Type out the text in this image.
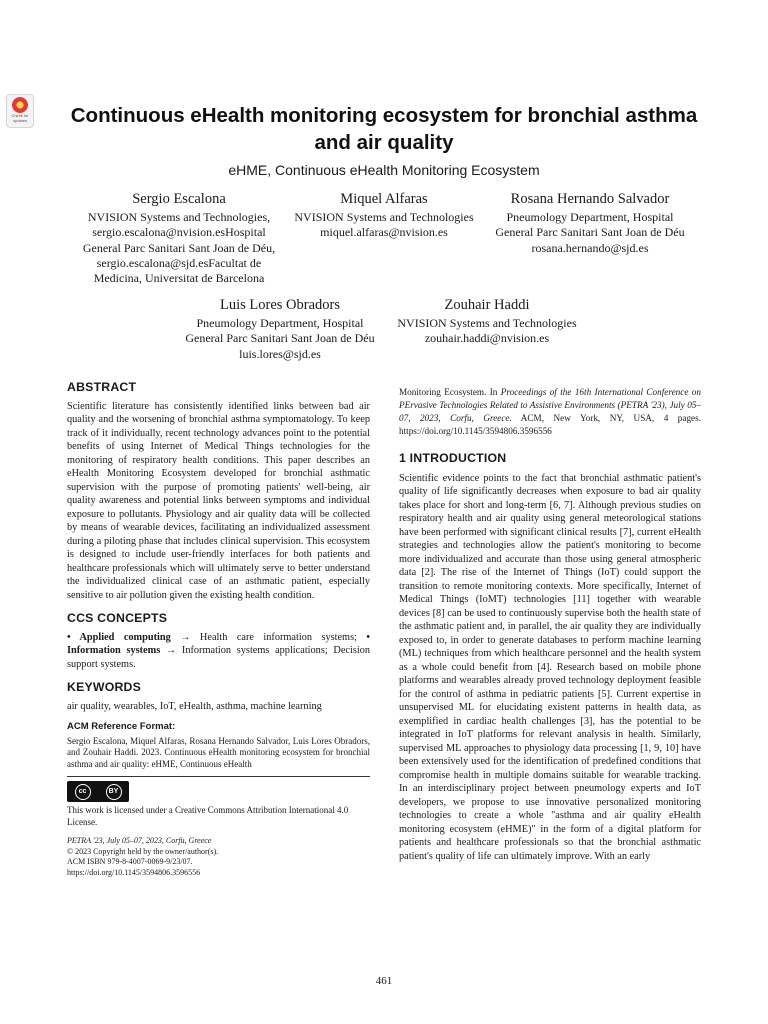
Check for updates	Continuous eHealth monitoring ecosystem for bronchial asthma and air quality
eHME, Continuous eHealth Monitoring Ecosystem
Sergio Escalona
NVISION Systems and Technologies, sergio.escalona@nvision.esHospital General Parc Sanitari Sant Joan de Déu, sergio.escalona@sjd.esFacultat de Medicina, Universitat de Barcelona
Miquel Alfaras
NVISION Systems and Technologies miquel.alfaras@nvision.es
Rosana Hernando Salvador
Pneumology Department, Hospital General Parc Sanitari Sant Joan de Déu rosana.hernando@sjd.es
Luis Lores Obradors
Pneumology Department, Hospital General Parc Sanitari Sant Joan de Déu luis.lores@sjd.es
Zouhair Haddi
NVISION Systems and Technologies zouhair.haddi@nvision.es
ABSTRACT

Scientific literature has consistently identified links between bad air quality and the worsening of bronchial asthma symptomatology. To keep track of it individually, recent technology advances point to the potential benefits of using Internet of Medical Things technologies for the monitoring of respiratory health conditions. This paper describes an eHealth Monitoring Ecosystem developed for bronchial asthmatic supervision with the purpose of promoting patients' well-being, air quality awareness and potential links between symptoms and individual exposure to pollutants. Physiology and air quality data will be collected by means of wearable devices, facilitating an individualized assessment during a piloting phase that includes clinical supervision. This ecosystem is designed to include user-friendly interfaces for both patients and healthcare professionals which will ultimately serve to better understand the individualized clinical case of an asthmatic patient, especially sensitive to air pollution given the existing health condition.

CCS CONCEPTS

• Applied computing → Health care information systems; • Information systems → Information systems applications; Decision support systems.

KEYWORDS

air quality, wearables, IoT, eHealth, asthma, machine learning

ACM Reference Format:

Sergio Escalona, Miquel Alfaras, Rosana Hernando Salvador, Luis Lores Obradors, and Zouhair Haddi. 2023. Continuous eHealth monitoring ecosystem for bronchial asthma and air quality: eHME, Continuous eHealth

cc	BY

This work is licensed under a Creative Commons Attribution International 4.0 License.

PETRA '23, July 05–07, 2023, Corfu, Greece
© 2023 Copyright held by the owner/author(s).
ACM ISBN 979-8-4007-0069-9/23/07.
https://doi.org/10.1145/3594806.3596556

Monitoring Ecosystem. In Proceedings of the 16th International Conference on PErvasive Technologies Related to Assistive Environments (PETRA '23), July 05–07, 2023, Corfu, Greece. ACM, New York, NY, USA, 4 pages. https://doi.org/10.1145/3594806.3596556

1 INTRODUCTION

Scientific evidence points to the fact that bronchial asthmatic patient's quality of life significantly decreases when exposure to bad air quality takes place for short and long-term [6, 7]. Although previous studies on respiratory health and air quality using general meteorological stations have been performed with significant clinical results [7], current eHealth strategies and technologies allow the patient's monitoring to become more individualized and accurate than those using general atmospheric data [2]. The rise of the Internet of Things (IoT) could support the transition to remote monitoring contexts. More specifically, Internet of Medical Things (IoMT) technologies [11] together with wearable devices [8] can be used to continuously supervise both the health state of the asthmatic patient and, in parallel, the air quality they are individually exposed to, in order to generate databases to perform machine learning (ML) techniques from which healthcare personnel and the health system as a whole could benefit from [4]. Research based on mobile phone platforms and wearables already proved technology deployment feasible for the control of asthma in pediatric patients [5]. Current expertise in unsupervised ML for elucidating existent patterns in health data, as exemplified in cardiac health challenges [3], has the potential to be integrated in IoT platforms for relevant analysis in health. Similarly, supervised ML approaches to physiology data processing [1, 9, 10] have been extensively used for the identification of predefined conditions that compromise health in multiple domains suitable for wearable tracking. In an interdisciplinary project between pneumology experts and IoT developers, we propose to use innovative personalized monitoring technologies to create a whole "asthma and air quality eHealth monitoring ecosystem (eHME)" in the form of a digital platform for patients and healthcare professionals so that the bronchial asthmatic patient's quality of life can ultimately improve. With an early

461
